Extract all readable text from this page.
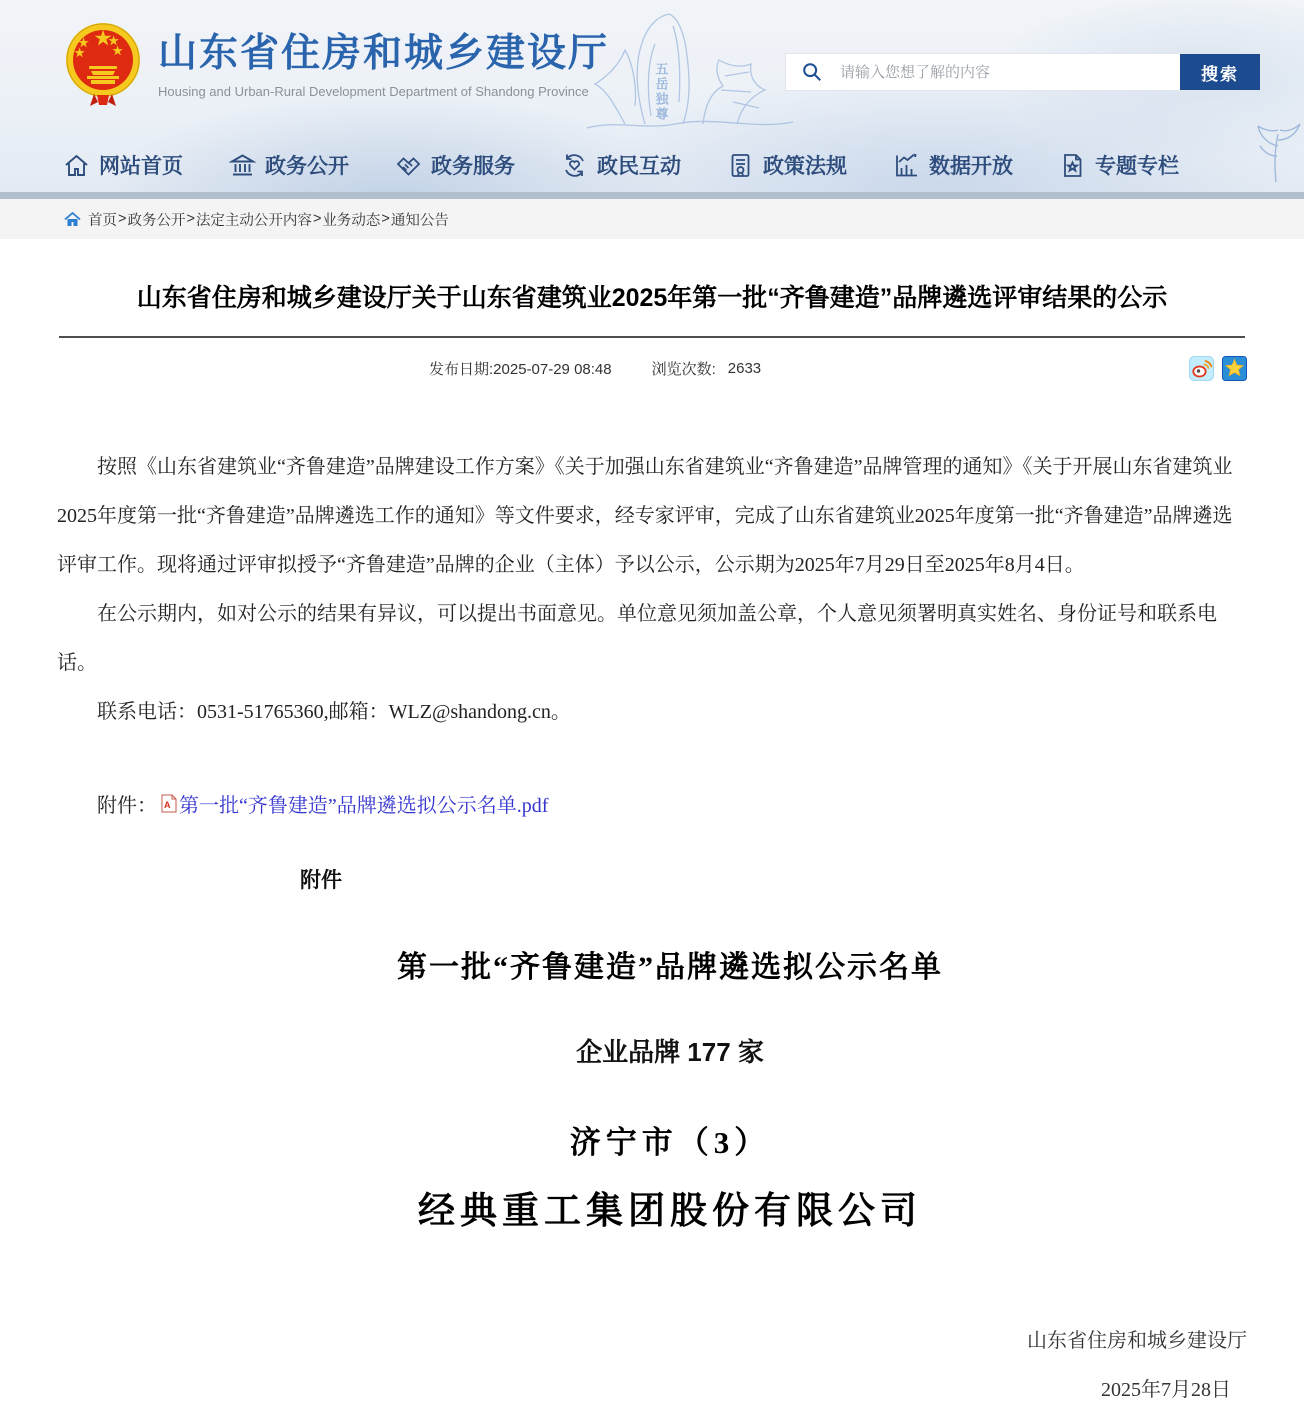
五岳独尊
山东省住房和城乡建设厅
Housing and Urban-Rural Development Department of Shandong Province
请输入您想了解的内容
搜索
网站首页	政务公开	政务服务	政民互动	政策法规	数据开放	专题专栏
首页 > 政务公开 > 法定主动公开内容 > 业务动态 > 通知公告
山东省住房和城乡建设厅关于山东省建筑业2025年第一批“齐鲁建造”品牌遴选评审结果的公示
发布日期:2025-07-29 08:48	浏览次数: 2633

按照《山东省建筑业“齐鲁建造”品牌建设工作方案》《关于加强山东省建筑业“齐鲁建造”品牌管理的通知》《关于开展山东省建筑业2025年度第一批“齐鲁建造”品牌遴选工作的通知》等文件要求，经专家评审，完成了山东省建筑业2025年度第一批“齐鲁建造”品牌遴选评审工作。现将通过评审拟授予“齐鲁建造”品牌的企业（主体）予以公示，公示期为2025年7月29日至2025年8月4日。

在公示期内，如对公示的结果有异议，可以提出书面意见。单位意见须加盖公章，个人意见须署明真实姓名、身份证号和联系电话。

联系电话：0531-51765360,邮箱：WLZ@shandong.cn。

附件： A 第一批“齐鲁建造”品牌遴选拟公示名单.pdf
附件
第一批“齐鲁建造”品牌遴选拟公示名单
企业品牌 177 家
济宁市（3）
经典重工集团股份有限公司
山东省住房和城乡建设厅
2025年7月28日
